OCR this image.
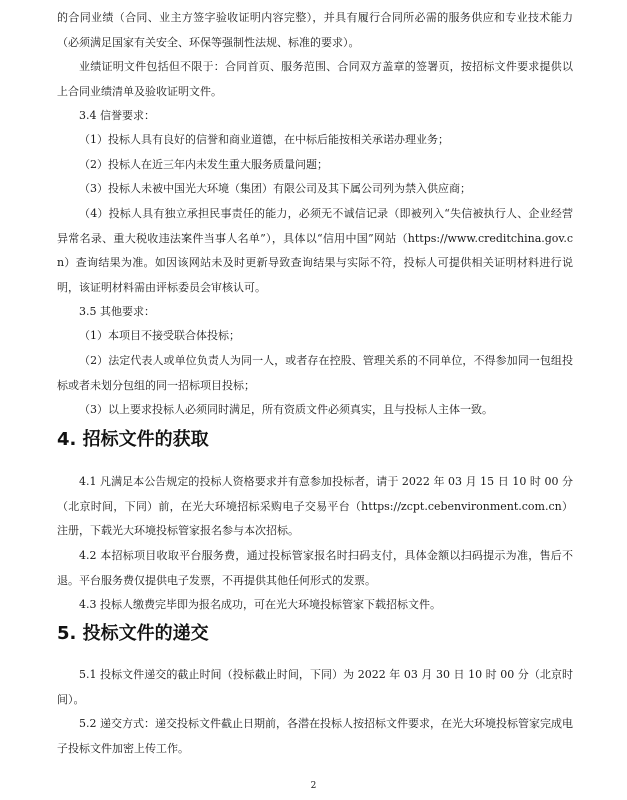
的合同业绩（合同、业主方签字验收证明内容完整），并具有履行合同所必需的服务供应和专业技术能力（必须满足国家有关安全、环保等强制性法规、标准的要求）。

业绩证明文件包括但不限于：合同首页、服务范围、合同双方盖章的签署页，按招标文件要求提供以上合同业绩清单及验收证明文件。

3.4 信誉要求：

（1）投标人具有良好的信誉和商业道德，在中标后能按相关承诺办理业务；

（2）投标人在近三年内未发生重大服务质量问题；

（3）投标人未被中国光大环境（集团）有限公司及其下属公司列为禁入供应商；

（4）投标人具有独立承担民事责任的能力，必须无不诚信记录（即被列入“失信被执行人、企业经营异常名录、重大税收违法案件当事人名单”），具体以“信用中国”网站（https://www.creditchina.gov.cn）查询结果为准。如因该网站未及时更新导致查询结果与实际不符，投标人可提供相关证明材料进行说明，该证明材料需由评标委员会审核认可。

3.5 其他要求：

（1）本项目不接受联合体投标；

（2）法定代表人或单位负责人为同一人，或者存在控股、管理关系的不同单位，不得参加同一包组投标或者未划分包组的同一招标项目投标；

（3）以上要求投标人必须同时满足，所有资质文件必须真实，且与投标人主体一致。

4. 招标文件的获取

4.1 凡满足本公告规定的投标人资格要求并有意参加投标者，请于 2022 年 03 月 15 日 10 时 00 分（北京时间，下同）前，在光大环境招标采购电子交易平台（https://zcpt.cebenvironment.com.cn）注册，下载光大环境投标管家报名参与本次招标。

4.2 本招标项目收取平台服务费，通过投标管家报名时扫码支付，具体金额以扫码提示为准，售后不退。平台服务费仅提供电子发票，不再提供其他任何形式的发票。

4.3 投标人缴费完毕即为报名成功，可在光大环境投标管家下载招标文件。

5. 投标文件的递交

5.1 投标文件递交的截止时间（投标截止时间，下同）为 2022 年 03 月 30 日 10 时 00 分（北京时间）。

5.2 递交方式：递交投标文件截止日期前，各潜在投标人按招标文件要求，在光大环境投标管家完成电子投标文件加密上传工作。

2
